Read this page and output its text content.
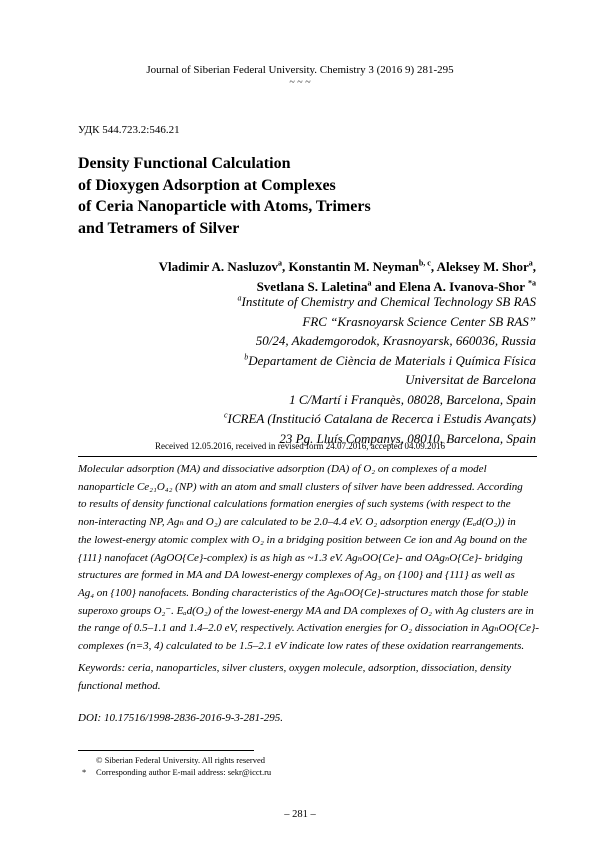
Journal of Siberian Federal University. Chemistry 3 (2016 9) 281-295
~ ~ ~
УДК 544.723.2:546.21
Density Functional Calculation
of Dioxygen Adsorption at Complexes
of Ceria Nanoparticle with Atoms, Trimers
and Tetramers of Silver
Vladimir A. Nasluzov$^a$, Konstantin M. Neyman$^{b, c}$, Aleksey M. Shor$^a$,
Svetlana S. Laletina$^a$ and Elena A. Ivanova-Shor $^{*a}$
$^a$Institute of Chemistry and Chemical Technology SB RAS
FRC “Krasnoyarsk Science Center SB RAS”
50/24, Akademgorodok, Krasnoyarsk, 660036, Russia
$^b$Departament de Ciència de Materials i Química Física
Universitat de Barcelona
1 C/Martí i Franquès, 08028, Barcelona, Spain
$^c$ICREA (Institució Catalana de Recerca i Estudis Avançats)
23 Pg. Lluís Companys, 08010, Barcelona, Spain
Received 12.05.2016, received in revised form 24.07.2016, accepted 04.09.2016
Molecular adsorption (MA) and dissociative adsorption (DA) of O₂ on complexes of a model
nanoparticle Ce₂₁O₄₂ (NP) with an atom and small clusters of silver have been addressed. According
to results of density functional calculations formation energies of such systems (with respect to the
non-interacting NP, Agₙ and O₂) are calculated to be 2.0–4.4 eV. O₂ adsorption energy (Eₐd(O₂)) in
the lowest-energy atomic complex with O₂ in a bridging position between Ce ion and Ag bound on the
{111} nanofacet (AgOO{Ce}-complex) is as high as ~1.3 eV. AgₙOO{Ce}- and OAgₙO{Ce}- bridging
structures are formed in MA and DA lowest-energy complexes of Ag₃ on {100} and {111} as well as
Ag₄ on {100} nanofacets. Bonding characteristics of the AgₙOO{Ce}-structures match those for stable
superoxo groups O₂⁻. Eₐd(O₂) of the lowest-energy MA and DA complexes of O₂ with Ag clusters are in
the range of 0.5–1.1 and 1.4–2.0 eV, respectively. Activation energies for O₂ dissociation in AgₙOO{Ce}-
complexes (n=3, 4) calculated to be 1.5–2.1 eV indicate low rates of these oxidation rearrangements.
Keywords: ceria, nanoparticles, silver clusters, oxygen molecule, adsorption, dissociation, density functional method.
DOI: 10.17516/1998-2836-2016-9-3-281-295.
© Siberian Federal University. All rights reserved
* Corresponding author E-mail address: sekr@icct.ru
– 281 –
